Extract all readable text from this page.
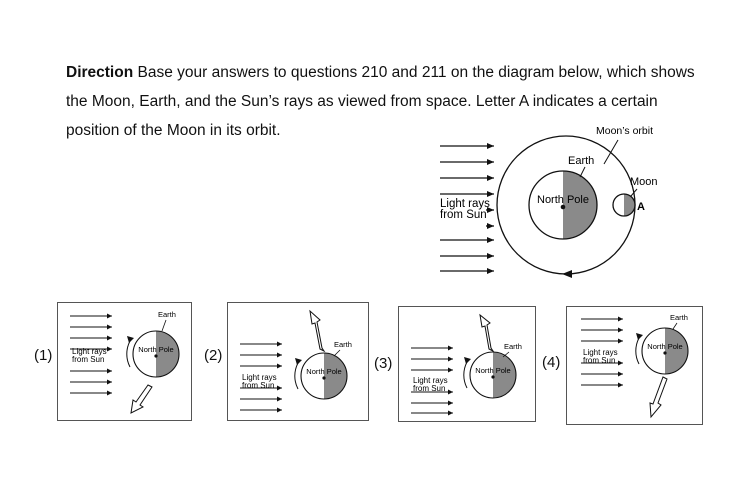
Direction Base your answers to questions 210 and 211 on the diagram below, which shows the Moon, Earth, and the Sun’s rays as viewed from space. Letter A indicates a certain position of the Moon in its orbit.
Light rays
from Sun
North Pole
Earth
Moon’s orbit
Moon
A
(1) Light rays
from Sun
North Pole
Earth
(2)
Light rays
from Sun
North Pole
Earth
(3)
Light rays
from Sun
North Pole
Earth
(4)
Light rays
from Sun
North Pole
Earth
